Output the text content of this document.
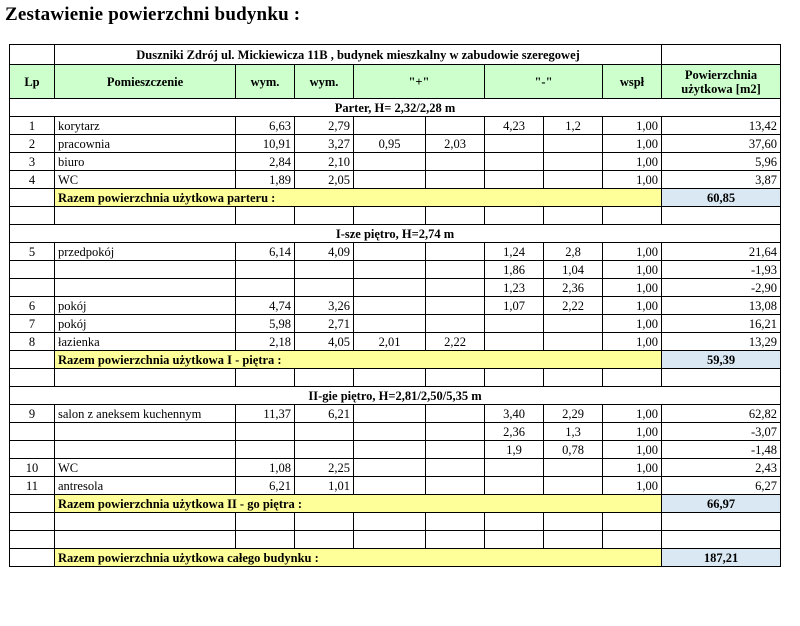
Zestawienie powierzchni budynku :
	Duszniki Zdrój ul. Mickiewicza 11B , budynek mieszkalny w zabudowie szeregowej								
Lp	Pomieszczenie	wym.	wym.	"+"		"-"		wspł	Powierzchnia
użytkowa [m2]

Parter, H= 2,32/2,28 m									
1	korytarz	6,63	2,79			4,23	1,2	1,00	13,42
2	pracownia	10,91	3,27	0,95	2,03			1,00	37,60
3	biuro	2,84	2,10					1,00	5,96
4	WC	1,89	2,05					1,00	3,87
	Razem powierzchnia użytkowa parteru :								60,85

I-sze piętro, H=2,74 m									
5	przedpokój	6,14	4,09			1,24	2,8	1,00	21,64
						1,86	1,04	1,00	-1,93
						1,23	2,36	1,00	-2,90
6	pokój	4,74	3,26			1,07	2,22	1,00	13,08
7	pokój	5,98	2,71					1,00	16,21
8	łazienka	2,18	4,05	2,01	2,22			1,00	13,29
	Razem powierzchnia użytkowa I - piętra :								59,39

II-gie piętro, H=2,81/2,50/5,35 m									
9	salon z aneksem kuchennym	11,37	6,21			3,40	2,29	1,00	62,82
						2,36	1,3	1,00	-3,07
						1,9	0,78	1,00	-1,48
10	WC	1,08	2,25					1,00	2,43
11	antresola	6,21	1,01					1,00	6,27
	Razem powierzchnia użytkowa II - go piętra :								66,97

	Razem powierzchnia użytkowa całego budynku :								187,21
